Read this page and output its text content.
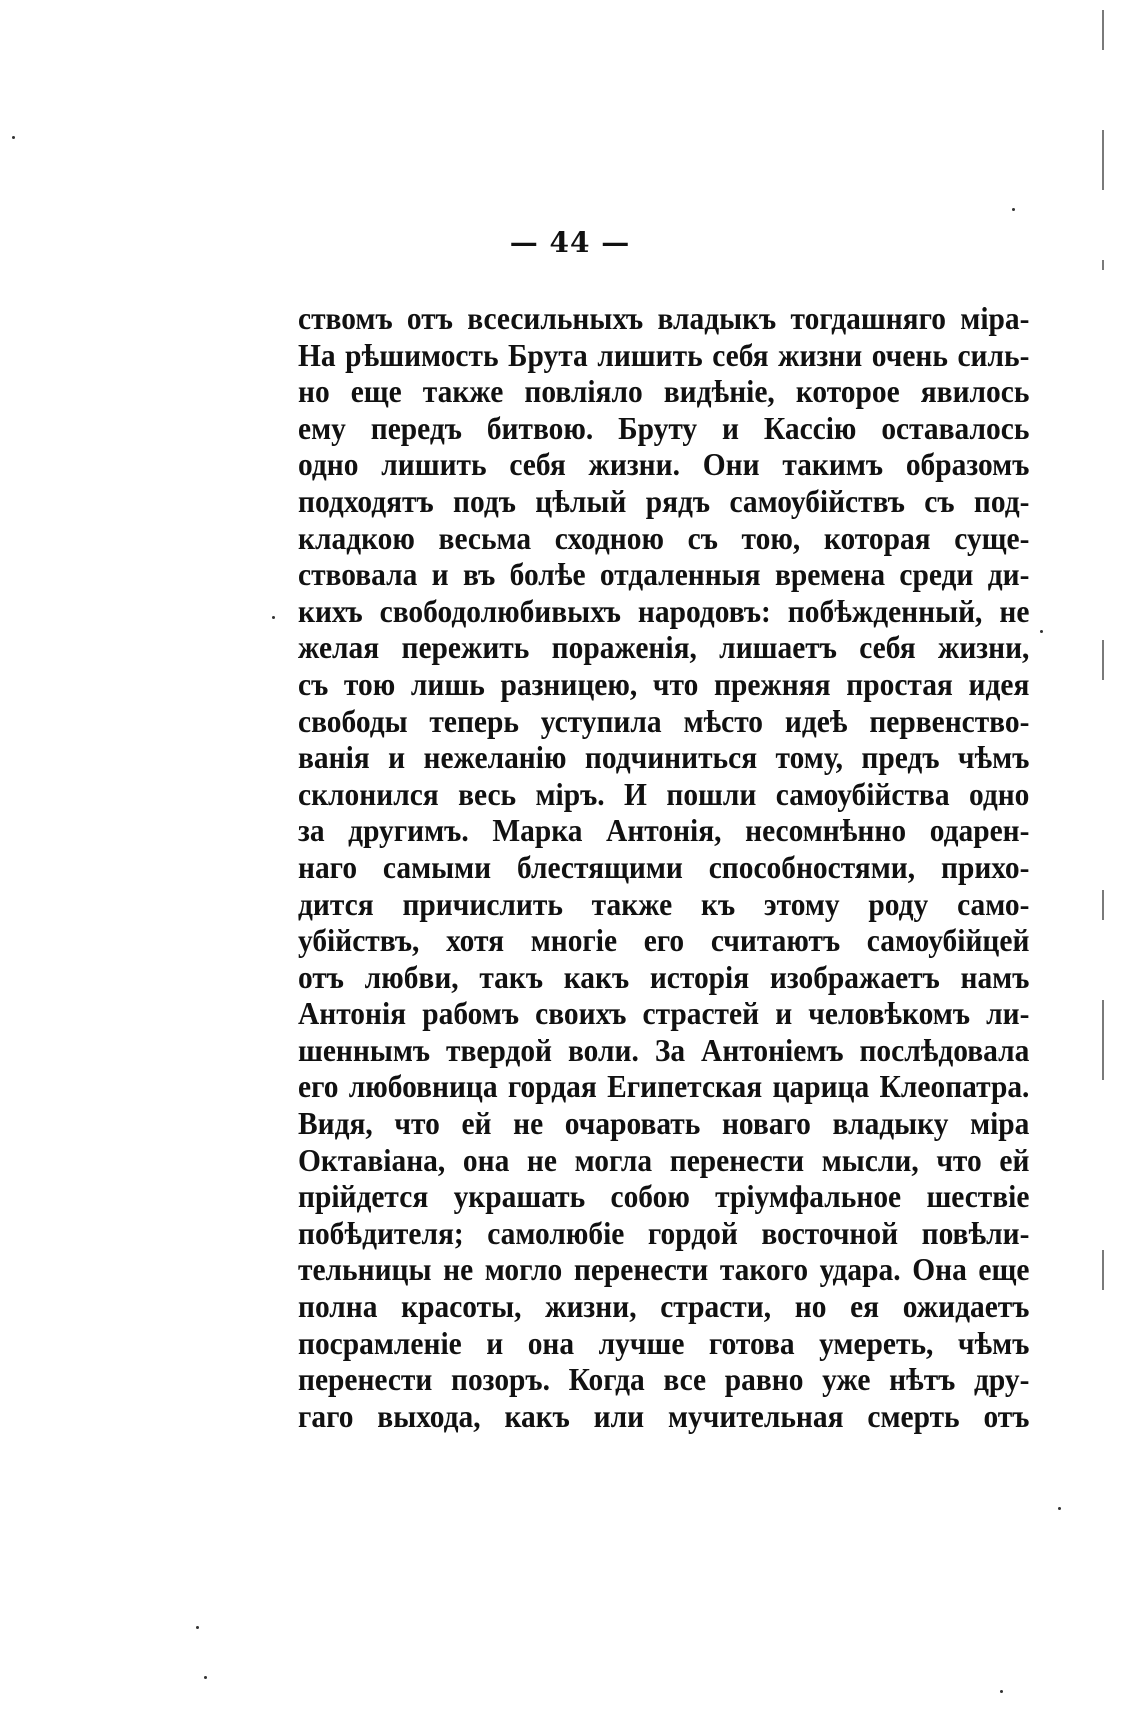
— 44 —
ствомъ отъ всесильныхъ владыкъ тогдашняго міра-
На рѣшимость Брута лишить себя жизни очень силь-
но еще также повліяло видѣніе, которое явилось
ему передъ битвою. Бруту и Кассію оставалось
одно лишить себя жизни. Они такимъ образомъ
подходятъ подъ цѣлый рядъ самоубійствъ съ под-
кладкою весьма сходною съ тою, которая суще-
ствовала и въ болѣе отдаленныя времена среди ди-
кихъ свободолюбивыхъ народовъ: побѣжденный, не
желая пережить пораженія, лишаетъ себя жизни,
съ тою лишь разницею, что прежняя простая идея
свободы теперь уступила мѣсто идеѣ первенство-
ванія и нежеланію подчиниться тому, предъ чѣмъ
склонился весь міръ. И пошли самоубійства одно
за другимъ. Марка Антонія, несомнѣнно одарен-
наго самыми блестящими способностями, прихо-
дится причислить также къ этому роду само-
убійствъ, хотя многіе его считаютъ самоубійцей
отъ любви, такъ какъ исторія изображаетъ намъ
Антонія рабомъ своихъ страстей и человѣкомъ ли-
шеннымъ твердой воли. За Антоніемъ послѣдовала
его любовница гордая Египетская царица Клеопатра.
Видя, что ей не очаровать новаго владыку міра
Октавіана, она не могла перенести мысли, что ей
прійдется украшать собою тріумфальное шествіе
побѣдителя; самолюбіе гордой восточной повѣли-
тельницы не могло перенести такого удара. Она еще
полна красоты, жизни, страсти, но ея ожидаетъ
посрамленіе и она лучше готова умереть, чѣмъ
перенести позоръ. Когда все равно уже нѣтъ дру-
гаго выхода, какъ или мучительная смерть отъ
